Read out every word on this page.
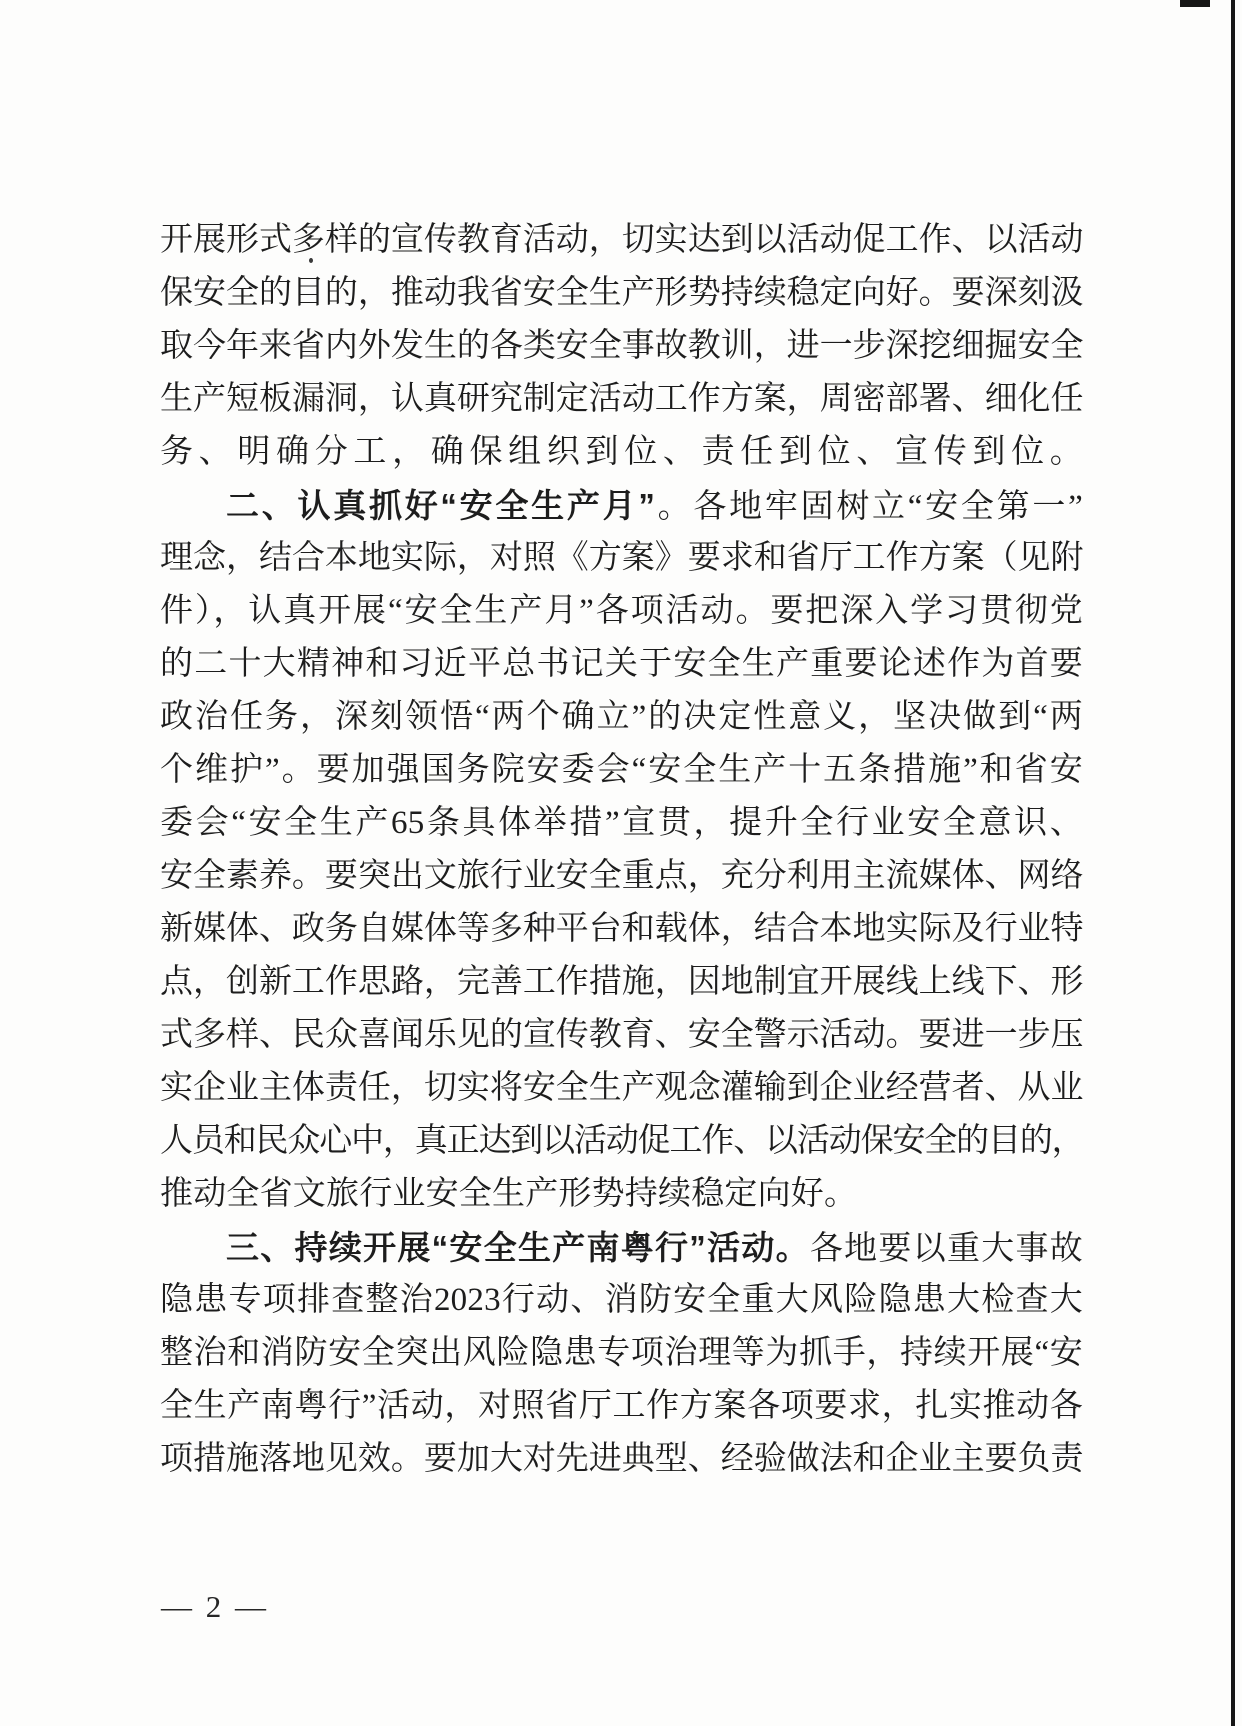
开展形式多样的宣传教育活动，切实达到以活动促工作、以活动
保安全的目的，推动我省安全生产形势持续稳定向好。要深刻汲
取今年来省内外发生的各类安全事故教训，进一步深挖细掘安全
生产短板漏洞，认真研究制定活动工作方案，周密部署、细化任
务、明确分工，确保组织到位、责任到位、宣传到位。
二、认真抓好“安全生产月”。各地牢固树立“安全第一”
理念，结合本地实际，对照《方案》要求和省厅工作方案（见附
件），认真开展“安全生产月”各项活动。要把深入学习贯彻党
的二十大精神和习近平总书记关于安全生产重要论述作为首要
政治任务，深刻领悟“两个确立”的决定性意义，坚决做到“两
个维护”。要加强国务院安委会“安全生产十五条措施”和省安
委会“安全生产65条具体举措”宣贯，提升全行业安全意识、
安全素养。要突出文旅行业安全重点，充分利用主流媒体、网络
新媒体、政务自媒体等多种平台和载体，结合本地实际及行业特
点，创新工作思路，完善工作措施，因地制宜开展线上线下、形
式多样、民众喜闻乐见的宣传教育、安全警示活动。要进一步压
实企业主体责任，切实将安全生产观念灌输到企业经营者、从业
人员和民众心中，真正达到以活动促工作、以活动保安全的目的，
推动全省文旅行业安全生产形势持续稳定向好。
三、持续开展“安全生产南粤行”活动。各地要以重大事故
隐患专项排查整治2023行动、消防安全重大风险隐患大检查大
整治和消防安全突出风险隐患专项治理等为抓手，持续开展“安
全生产南粤行”活动，对照省厅工作方案各项要求，扎实推动各
项措施落地见效。要加大对先进典型、经验做法和企业主要负责
— 2 —
